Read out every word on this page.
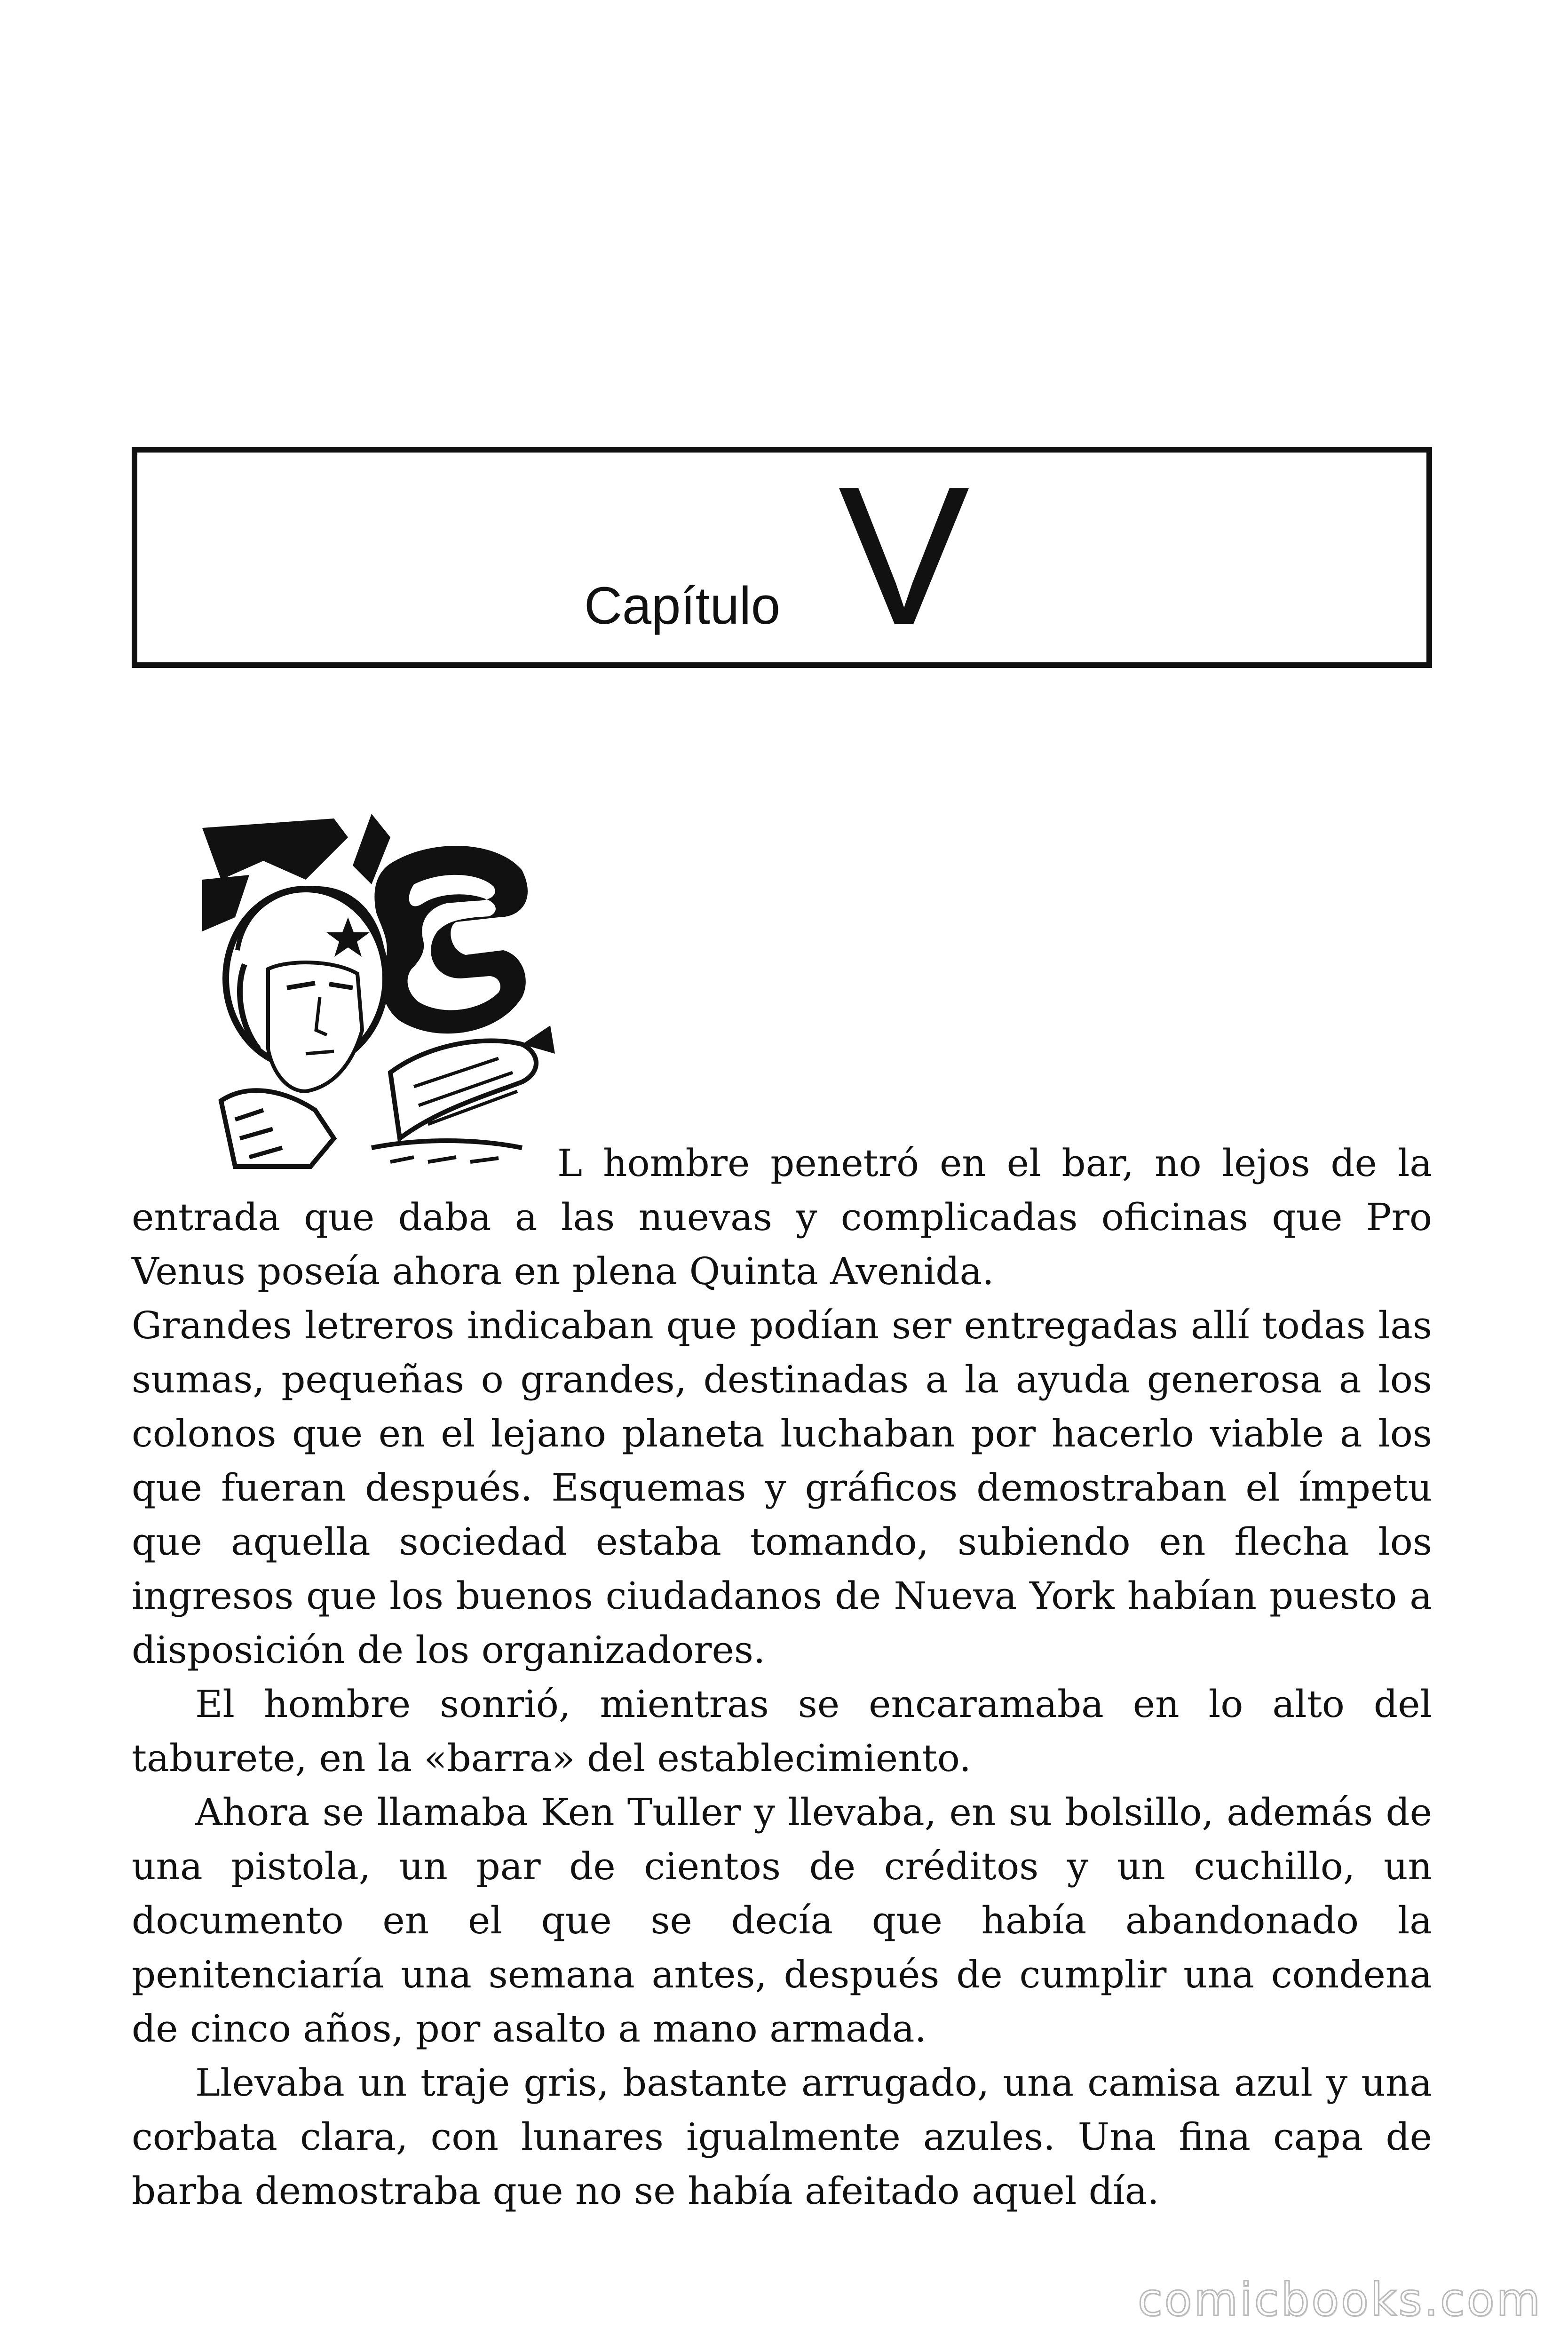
Capítulo V

L hombre penetró en el bar, no lejos de la entrada que daba a las nuevas y complicadas oficinas que Pro Venus poseía ahora en plena Quinta Avenida.

Grandes letreros indicaban que podían ser entregadas allí todas las sumas, pequeñas o grandes, destinadas a la ayuda generosa a los colonos que en el lejano planeta luchaban por hacerlo viable a los que fueran después. Esquemas y gráficos demostraban el ímpetu que aquella sociedad estaba tomando, subiendo en flecha los ingresos que los buenos ciudadanos de Nueva York habían puesto a disposición de los organizadores.

El hombre sonrió, mientras se encaramaba en lo alto del taburete, en la «barra» del establecimiento.

Ahora se llamaba Ken Tuller y llevaba, en su bolsillo, además de una pistola, un par de cientos de créditos y un cuchillo, un documento en el que se decía que había abandonado la penitenciaría una semana antes, después de cumplir una condena de cinco años, por asalto a mano armada.

Llevaba un traje gris, bastante arrugado, una camisa azul y una corbata clara, con lunares igualmente azules. Una fina capa de barba demostraba que no se había afeitado aquel día.

comicbooks.com
